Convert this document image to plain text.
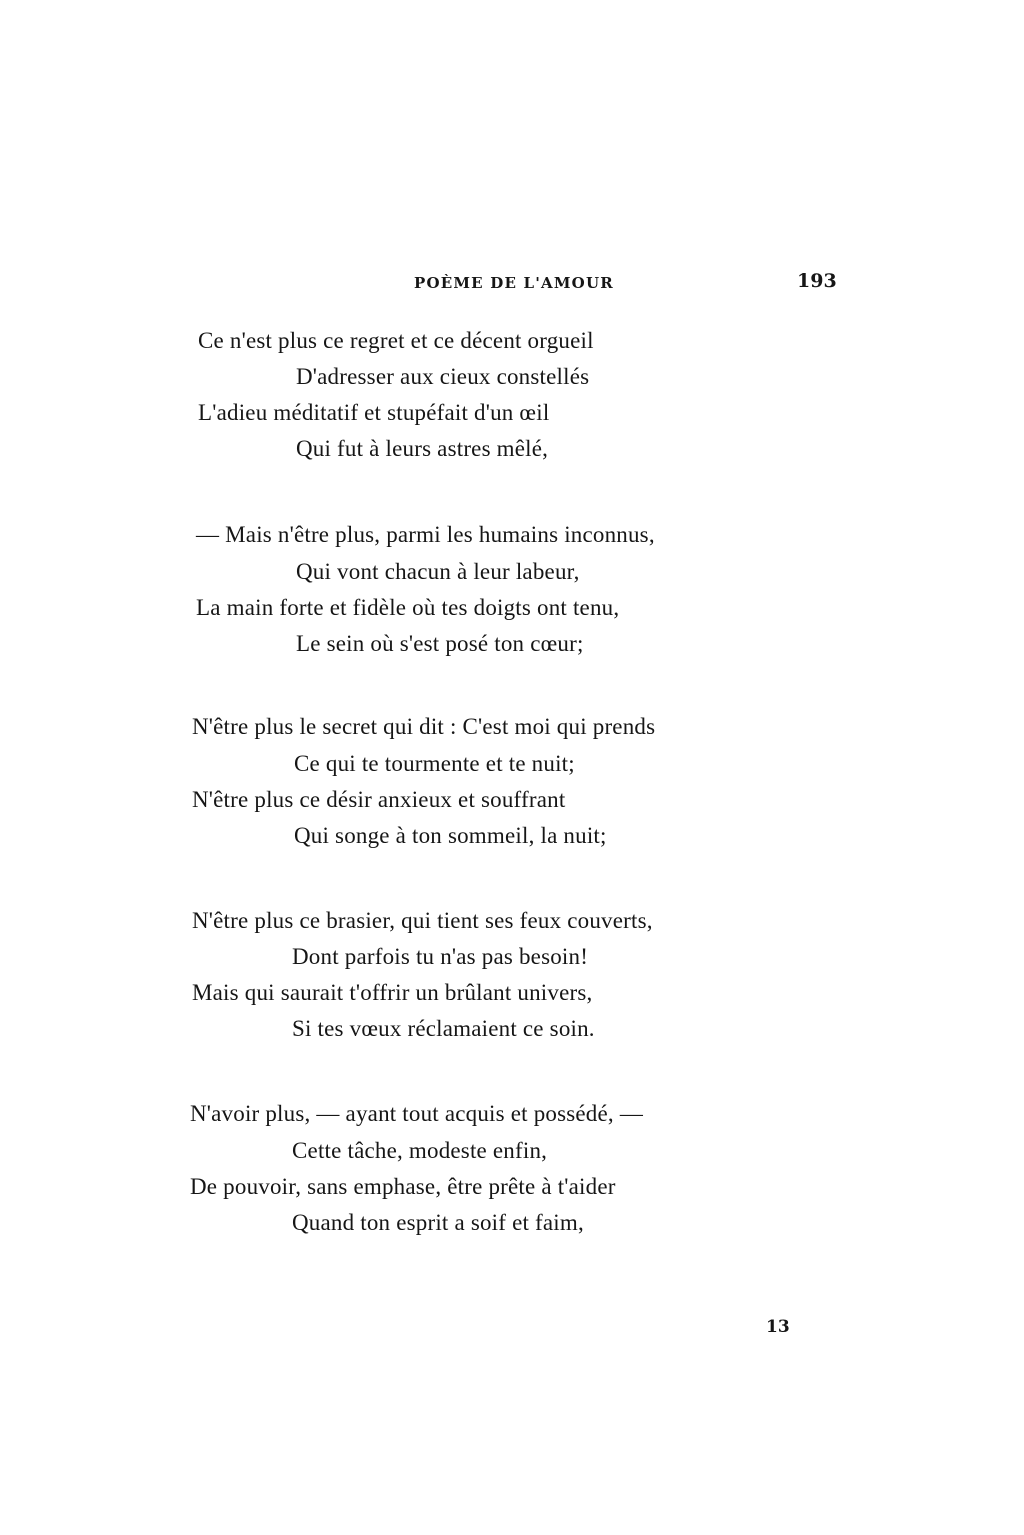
POÈME DE L'AMOUR	193
Ce n'est plus ce regret et ce décent orgueil
D'adresser aux cieux constellés
L'adieu méditatif et stupéfait d'un œil
Qui fut à leurs astres mêlé,
— Mais n'être plus, parmi les humains inconnus,
Qui vont chacun à leur labeur,
La main forte et fidèle où tes doigts ont tenu,
Le sein où s'est posé ton cœur;
N'être plus le secret qui dit : C'est moi qui prends
Ce qui te tourmente et te nuit;
N'être plus ce désir anxieux et souffrant
Qui songe à ton sommeil, la nuit;
N'être plus ce brasier, qui tient ses feux couverts,
Dont parfois tu n'as pas besoin!
Mais qui saurait t'offrir un brûlant univers,
Si tes vœux réclamaient ce soin.
N'avoir plus, — ayant tout acquis et possédé, —
Cette tâche, modeste enfin,
De pouvoir, sans emphase, être prête à t'aider
Quand ton esprit a soif et faim,
13
